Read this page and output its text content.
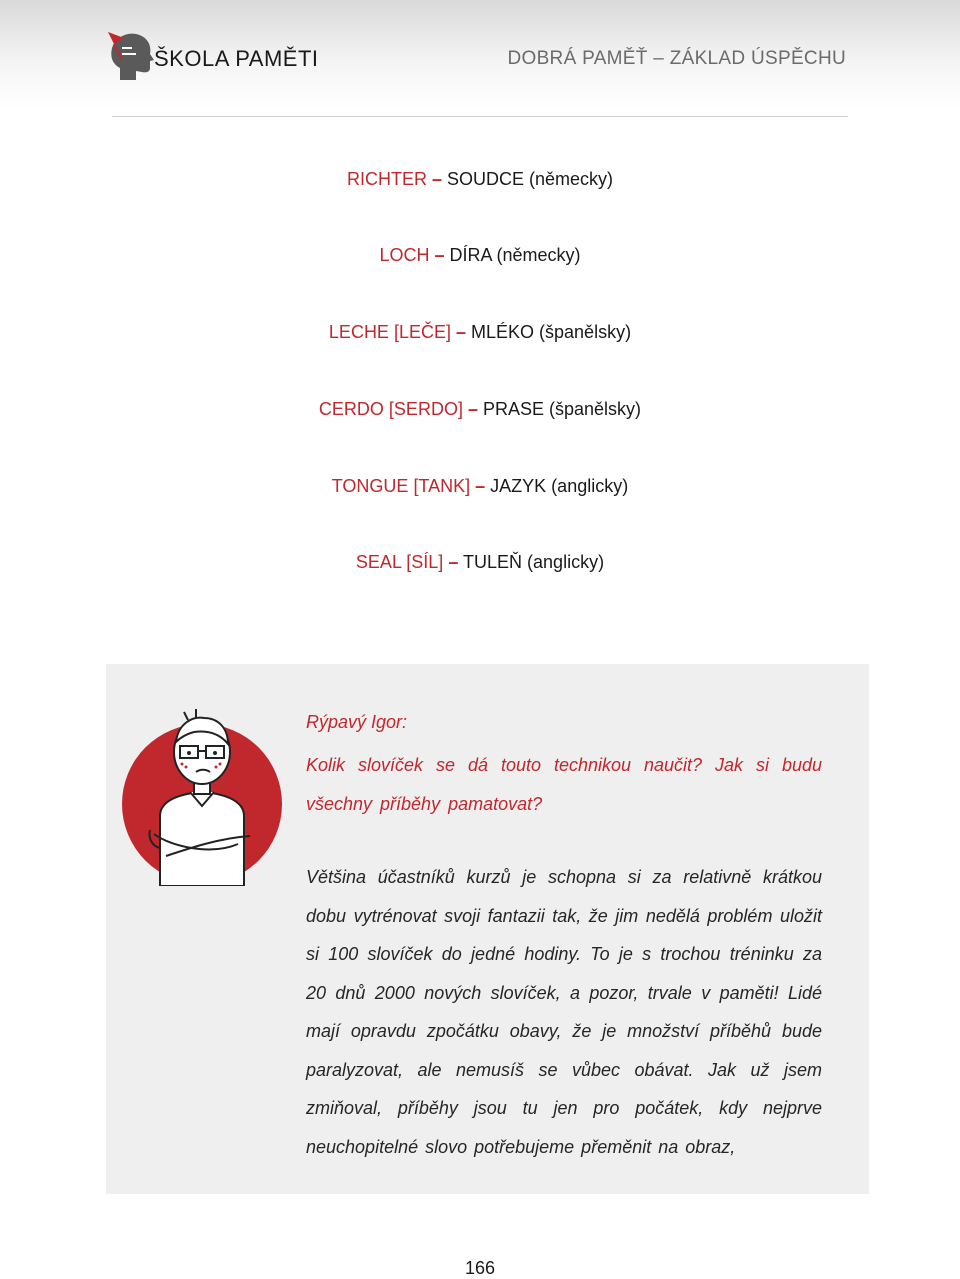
ŠKOLA PAMĚTI	DOBRÁ PAMĚŤ – ZÁKLAD ÚSPĚCHU
RICHTER – SOUDCE (německy)
LOCH – DÍRA (německy)
LECHE [LEČE] – MLÉKO (španělsky)
CERDO [SERDO] – PRASE (španělsky)
TONGUE [TANK] – JAZYK (anglicky)
SEAL [SÍL] – TULEŇ (anglicky)
Rýpavý Igor:
Kolik slovíček se dá touto technikou naučit? Jak si budu všechny příběhy pamatovat?
Většina účastníků kurzů je schopna si za relativně krátkou dobu vytrénovat svoji fantazii tak, že jim nedělá problém uložit si 100 slovíček do jedné hodiny. To je s trochou tréninku za 20 dnů 2000 nových slovíček, a pozor, trvale v paměti! Lidé mají opravdu zpočátku obavy, že je množství příběhů bude paralyzovat, ale nemusíš se vůbec obávat. Jak už jsem zmiňoval, příběhy jsou tu jen pro počátek, kdy nejprve neuchopitelné slovo potřebujeme přeměnit na obraz,
166
